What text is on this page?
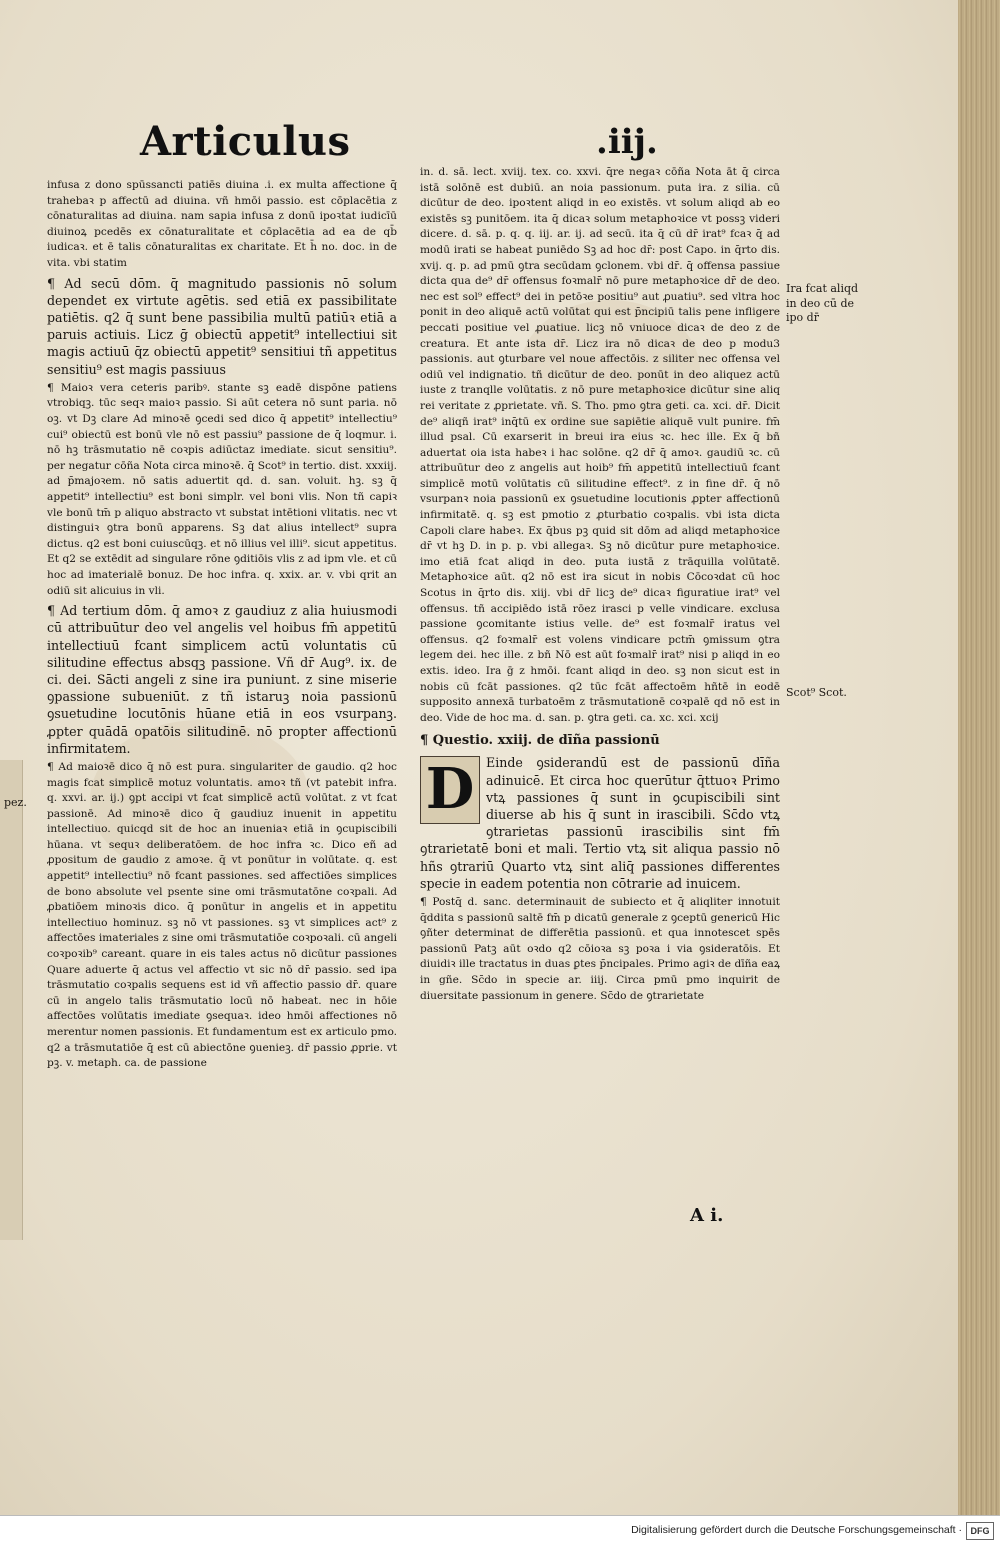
Articulus	.iij.

infusa z dono spūssancti patiēs diuina .i. ex multa affectione q̄ trahebaꝛ p affectū ad diuina. vñ hmōi passio. est cōplacētia z cōnaturalitas ad diuina. nam sapia infusa z donū ipoꝛtat iudicīū diuinoꝝ pcedēs ex cōnaturalitate et cōplacētia ad ea de qb̄ iudicaꝛ. et ē talis cōnaturalitas ex charitate. Et h̄ no. doc. in de vita. vbi statim

¶ Ad secū dōm. q̄ magnitudo passionis nō solum dependet ex virtute agētis. sed etiā ex passibilitate patiētis. q2 q̄ sunt bene passibilia multū patiūꝛ etiā a paruis actiuis. Licz ḡ obiectū appetit⁹ intellectiui sit magis actiuū q̄z obiectū appetit⁹ sensitiui tñ appetitus sensitiu⁹ est magis passiuus

¶ Maioꝛ vera ceteris paribꝰ. stante sꝫ eadē dispōne patiens vtrobiqꝫ. tūc seqꝛ maioꝛ passio. Si aūt cetera nō sunt paria. nō oꝫ. vt Dꝫ clare Ad minoꝛē ꝯcedi sed dico q̄ appetit⁹ intellectiu⁹ cui⁹ obiectū est bonū vle nō est passiu⁹ passione de q̄ loqmur. i. nō hꝫ trāsmutatio nē coꝛpis adiūctaz imediate. sicut sensitiu⁹. per negatur cōña Nota circa minoꝛē. q̄ Scot⁹ in tertio. dist. xxxiij. ad p̄majoꝛem. nō satis aduertit qd. d. san. voluit. hꝫ. sꝫ q̄ appetit⁹ intellectiu⁹ est boni simplr. vel boni vlis. Non tñ capiꝛ vle bonū tm̄ p aliquo abstracto vt substat intētioni vlitatis. nec vt distinguiꝛ ꝯtra bonū apparens. Sꝫ dat alius intellect⁹ supra dictus. q2 est boni cuiuscūqꝫ. et nō illius vel illi⁹. sicut appetitus. Et q2 se extēdit ad singulare rōne ꝯditiōis vlis z ad ipm vle. et cū hoc ad imaterialē bonuz. De hoc infra. q. xxix. ar. v. vbi qrit an odiū sit alicuius in vli.

¶ Ad tertium dōm. q̄ amoꝛ z gaudiuz z alia huiusmodi cū attribuūtur deo vel angelis vel hoibus fm̄ appetitū intellectiuū fcant simplicem actū voluntatis cū silitudine effectus absqꝫ passione. Vñ dr̄ Aug⁹. ix. de ci. dei. Sācti angeli z sine ira puniunt. z sine miserie ꝯpassione subueniūt. z tñ istaruꝫ noia passionū ꝯsuetudine locutōnis hūane etiā in eos vsurpanꝫ. ꝓpter quādā opatōis silitudinē. nō propter affectionū infirmitatem.

¶ Ad maioꝛē dico q̄ nō est pura. singulariter de gaudio. q2 hoc magis fcat simplicē motuz voluntatis. amoꝛ tñ (vt patebit infra. q. xxvi. ar. ij.) ꝯpt accipi vt fcat simplicē actū volūtat. z vt fcat passionē. Ad minoꝛē dico q̄ gaudiuz inuenit in appetitu intellectiuo. quicqd sit de hoc an inueniaꝛ etiā in ꝯcupiscibili hūana. vt sequꝛ deliberatōem. de hoc infra ꝛc. Dico eñ ad ꝓpositum de gaudio z amoꝛe. q̄ vt ponūtur in volūtate. q. est appetit⁹ intellectiu⁹ nō fcant passiones. sed affectiōes simplices de bono absolute vel psente sine omi trāsmutatōne coꝛpali. Ad ꝓbatiōem minoꝛis dico. q̄ ponūtur in angelis et in appetitu intellectiuo hominuz. sꝫ nō vt passiones. sꝫ vt simplices act⁹ z affectōes imateriales z sine omi trāsmutatiōe coꝛpoꝛali. cū angeli coꝛpoꝛib⁹ careant. quare in eis tales actus nō dicūtur passiones Quare aduerte q̄ actus vel affectio vt sic nō dr̄ passio. sed ipa trāsmutatio coꝛpalis sequens est id vñ affectio passio dr̄. quare cū in angelo talis trāsmutatio locū nō habeat. nec in hōie affectōes volūtatis imediate ꝯsequaꝛ. ideo hmōi affectiones nō merentur nomen passionis. Et fundamentum est ex articulo pmo. q2 a trāsmutatiōe q̄ est cū abiectōne ꝯuenieꝫ. dr̄ passio ꝓprie. vt pꝫ. v. metaph. ca. de passione

in. d. sā. lect. xviij. tex. co. xxvi. q̄re negaꝛ cōña Nota āt q̄ circa istā solōnē est dubiū. an noia passionum. puta ira. z silia. cū dicūtur de deo. ipoꝛtent aliqd in eo existēs. vt solum aliqd ab eo existēs sꝫ punitōem. ita q̄ dicaꝛ solum metaphoꝛice vt possꝫ videri dicere. d. sā. p. q. q. iij. ar. ij. ad secū. ita q̄ cū dr̄ irat⁹ fcaꝛ q̄ ad modū irati se habeat puniēdo Sꝫ ad hoc dr̄: post Capo. in q̄rto dis. xvij. q. p. ad pmū ꝯtra secūdam ꝯclonem. vbi dr̄. q̄ offensa passiue dicta qua de⁹ dr̄ offensus foꝛmalr̄ nō pure metaphoꝛice dr̄ de deo. nec est sol⁹ effect⁹ dei in petōꝛe positiu⁹ aut ꝓuatiu⁹. sed vltra hoc ponit in deo aliquē actū volūtat qui est p̄ncipiū talis pene infligere peccati positiue vel ꝓuatiue. licꝫ nō vniuoce dicaꝛ de deo z de creatura. Et ante ista dr̄. Licz ira nō dicaꝛ de deo p modu3 passionis. aut ꝯturbare vel noue affectōis. z siliter nec offensa vel odiū vel indignatio. tñ dicūtur de deo. ponūt in deo aliquez actū iuste z tranqlle volūtatis. z nō pure metaphoꝛice dicūtur sine aliq rei veritate z ꝓprietate. vñ. S. Tho. pmo ꝯtra geti. ca. xci. dr̄. Dicit de⁹ aliqñ irat⁹ inq̄tū ex ordine sue sapiētie aliquē vult punire. fm̄ illud psal. Cū exarserit in breui ira eius ꝛc. hec ille. Ex q̄ bñ aduertat oia ista habeꝛ i hac solōne. q2 dr̄ q̄ amoꝛ. gaudiū ꝛc. cū attribuūtur deo z angelis aut hoib⁹ fm̄ appetitū intellectiuū fcant simplicē motū volūtatis cū silitudine effect⁹. z in fine dr̄. q̄ nō vsurpanꝛ noia passionū ex ꝯsuetudine locutionis ꝓpter affectionū infirmitatē. q. sꝫ est pmotio z ꝓturbatio coꝛpalis. vbi ista dicta Capoli clare habeꝛ. Ex q̄bus pꝫ quid sit dōm ad aliqd metaphoꝛice dr̄ vt hꝫ D. in p. p. vbi allegaꝛ. Sꝫ nō dicūtur pure metaphoꝛice. imo etiā fcat aliqd in deo. puta iustā z trāquilla volūtatē. Metaphoꝛice aūt. q2 nō est ira sicut in nobis Cōcoꝛdat cū hoc Scotus in q̄rto dis. xiij. vbi dr̄ licꝫ de⁹ dicaꝛ figuratiue irat⁹ vel offensus. tñ accipiēdo istā rōez irasci p velle vindicare. exclusa passione ꝯcomitante istius velle. de⁹ est foꝛmalr̄ iratus vel offensus. q2 foꝛmalr̄ est volens vindicare pctm̄ ꝯmissum ꝯtra legem dei. hec ille. z bñ Nō est aūt foꝛmalr̄ irat⁹ nisi p aliqd in eo extis. ideo. Ira ḡ z hmōi. fcant aliqd in deo. sꝫ non sicut est in nobis cū fcāt passiones. q2 tūc fcāt affectoēm hñtē in eodē supposito annexā turbatoēm z trāsmutationē coꝛpalē qd nō est in deo. Vide de hoc ma. d. san. p. ꝯtra geti. ca. xc. xci. xcij

¶ Questio. xxiij. de dīña passionū
D Einde ꝯsiderandū est de passionū dīña adinuicē. Et circa hoc querūtur q̄ttuoꝛ Primo vtꝝ passiones q̄ sunt in ꝯcupiscibili sint diuerse ab his q̄ sunt in irascibili. Sc̄do vtꝝ ꝯtrarietas passionū irascibilis sint fm̄ ꝯtrarietatē boni et mali. Tertio vtꝝ sit aliqua passio nō hñs ꝯtrariū Quarto vtꝝ sint aliq̄ passiones differentes specie in eadem potentia non cōtrarie ad inuicem.

¶ Postq̄ d. sanc. determinauit de subiecto et q̄ aliqliter innotuit q̄ddita s passionū saltē fm̄ p dicatū generale z ꝯceptū genericū Hic ꝯñter determinat de differētia passionū. et qua innotescet spēs passionū Patꝫ aūt oꝛdo q2 cōioꝛa sꝫ poꝛa i via ꝯsideratōis. Et diuidiꝛ ille tractatus in duas ꝑtes p̄ncipales. Primo agiꝛ de dīña eaꝝ in gñe. Sc̄do in specie ar. iiij. Circa pmū pmo inquirit de diuersitate passionum in genere. Sc̄do de ꝯtrarietate

Ira fcat aliqd in deo cū de ipo dr̄
Scot⁹ Scot.
pez.
A i.
Digitalisierung gefördert durch die Deutsche Forschungsgemeinschaft · DFG
